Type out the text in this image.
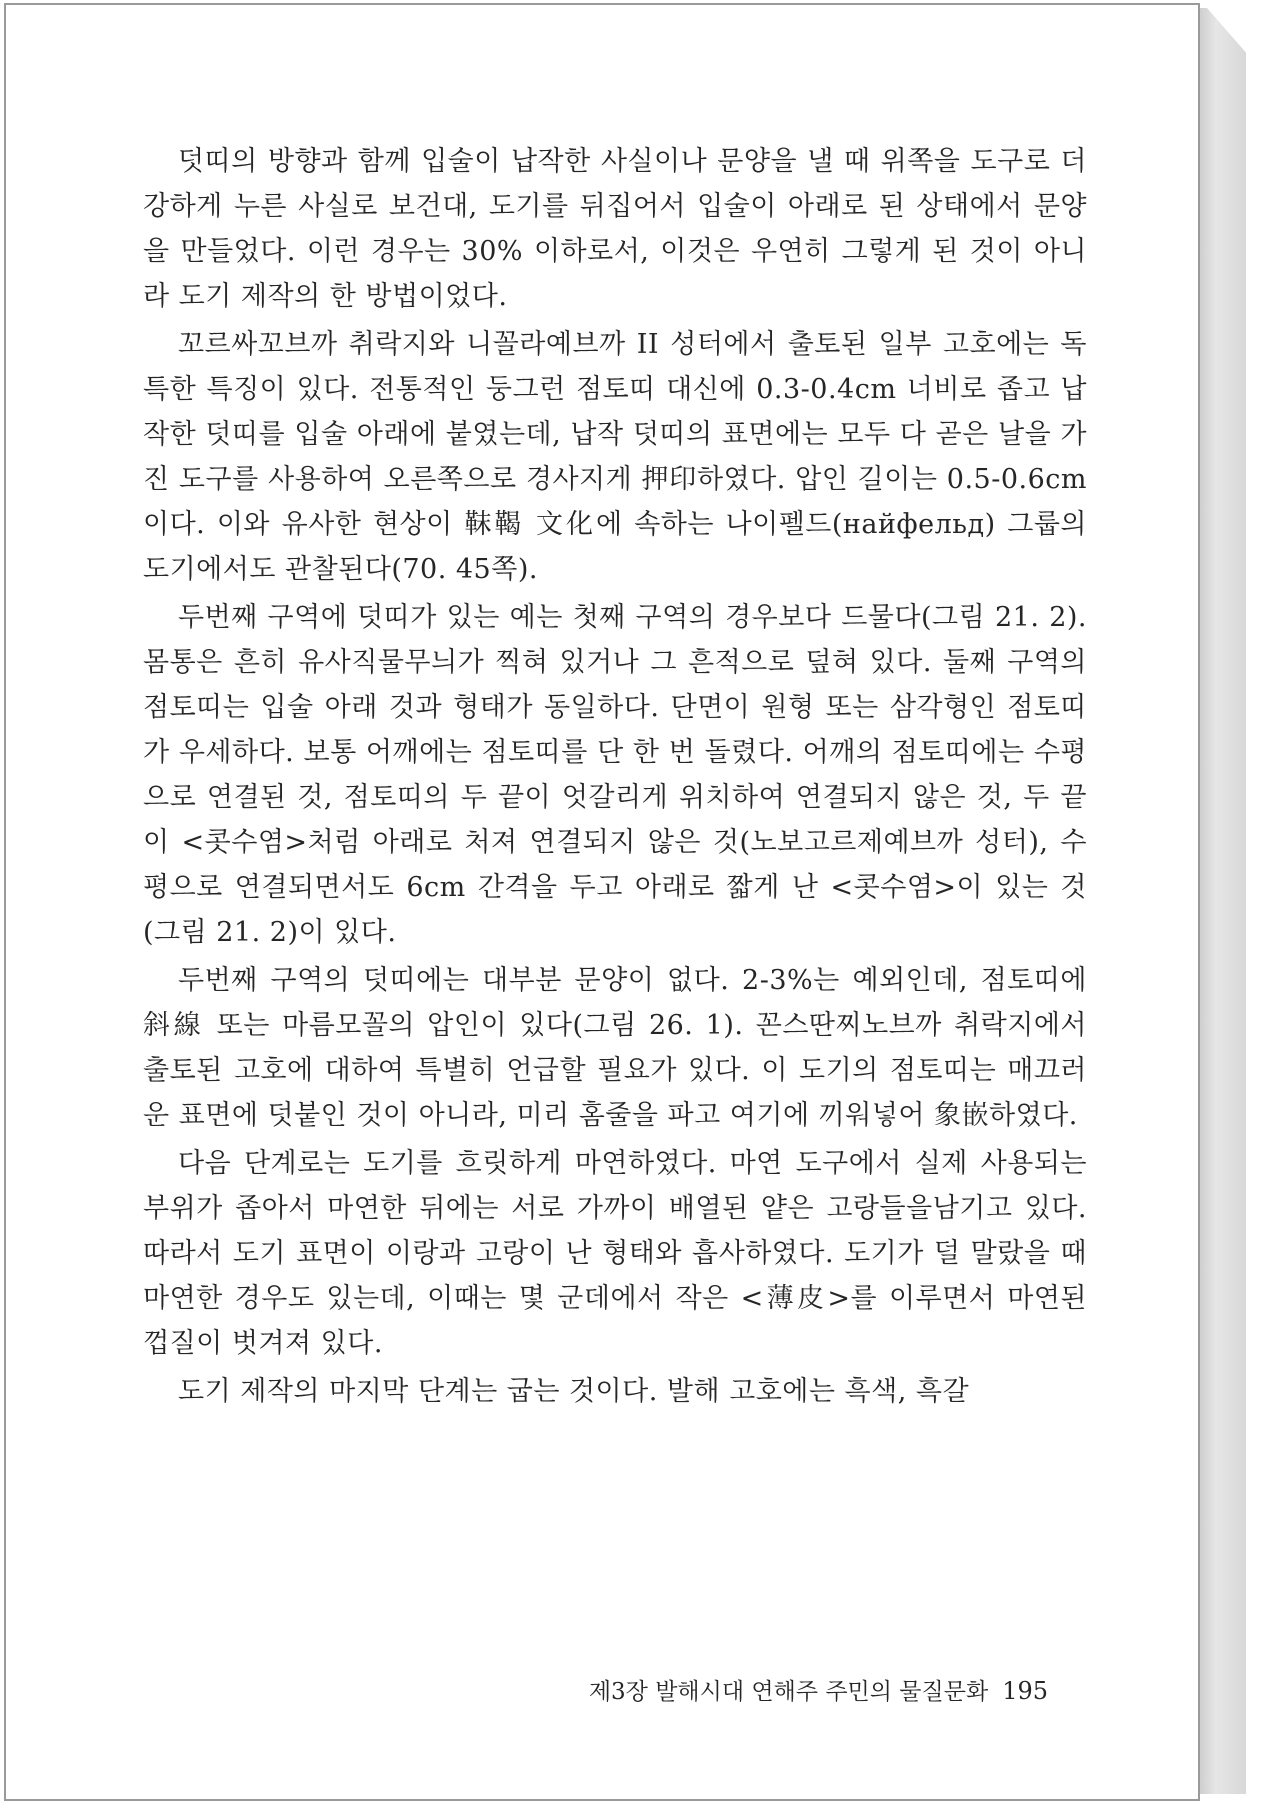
덧띠의 방향과 함께 입술이 납작한 사실이나 문양을 낼 때 위쪽을 도구로 더 강하게 누른 사실로 보건대, 도기를 뒤집어서 입술이 아래로 된 상태에서 문양을 만들었다. 이런 경우는 30% 이하로서, 이것은 우연히 그렇게 된 것이 아니라 도기 제작의 한 방법이었다.

꼬르싸꼬브까 취락지와 니꼴라예브까 II 성터에서 출토된 일부 고호에는 독특한 특징이 있다. 전통적인 둥그런 점토띠 대신에 0.3-0.4cm 너비로 좁고 납작한 덧띠를 입술 아래에 붙였는데, 납작 덧띠의 표면에는 모두 다 곧은 날을 가진 도구를 사용하여 오른쪽으로 경사지게 押印하였다. 압인 길이는 0.5-0.6cm이다. 이와 유사한 현상이 靺鞨 文化에 속하는 나이펠드(найфельд) 그룹의 도기에서도 관찰된다(70. 45쪽).

두번째 구역에 덧띠가 있는 예는 첫째 구역의 경우보다 드물다(그림 21. 2). 몸통은 흔히 유사직물무늬가 찍혀 있거나 그 흔적으로 덮혀 있다. 둘째 구역의 점토띠는 입술 아래 것과 형태가 동일하다. 단면이 원형 또는 삼각형인 점토띠가 우세하다. 보통 어깨에는 점토띠를 단 한 번 돌렸다. 어깨의 점토띠에는 수평으로 연결된 것, 점토띠의 두 끝이 엇갈리게 위치하여 연결되지 않은 것, 두 끝이 <콧수염>처럼 아래로 처져 연결되지 않은 것(노보고르제예브까 성터), 수평으로 연결되면서도 6cm 간격을 두고 아래로 짧게 난 <콧수염>이 있는 것(그림 21. 2)이 있다.

두번째 구역의 덧띠에는 대부분 문양이 없다. 2-3%는 예외인데, 점토띠에 斜線 또는 마름모꼴의 압인이 있다(그림 26. 1). 꼰스딴찌노브까 취락지에서 출토된 고호에 대하여 특별히 언급할 필요가 있다. 이 도기의 점토띠는 매끄러운 표면에 덧붙인 것이 아니라, 미리 홈줄을 파고 여기에 끼워넣어 象嵌하였다.

다음 단계로는 도기를 흐릿하게 마연하였다. 마연 도구에서 실제 사용되는 부위가 좁아서 마연한 뒤에는 서로 가까이 배열된 얕은 고랑들을남기고 있다. 따라서 도기 표면이 이랑과 고랑이 난 형태와 흡사하였다. 도기가 덜 말랐을 때 마연한 경우도 있는데, 이때는 몇 군데에서 작은 <薄皮>를 이루면서 마연된 껍질이 벗겨져 있다.

도기 제작의 마지막 단계는 굽는 것이다. 발해 고호에는 흑색, 흑갈

제3장 발해시대 연해주 주민의 물질문화 195
